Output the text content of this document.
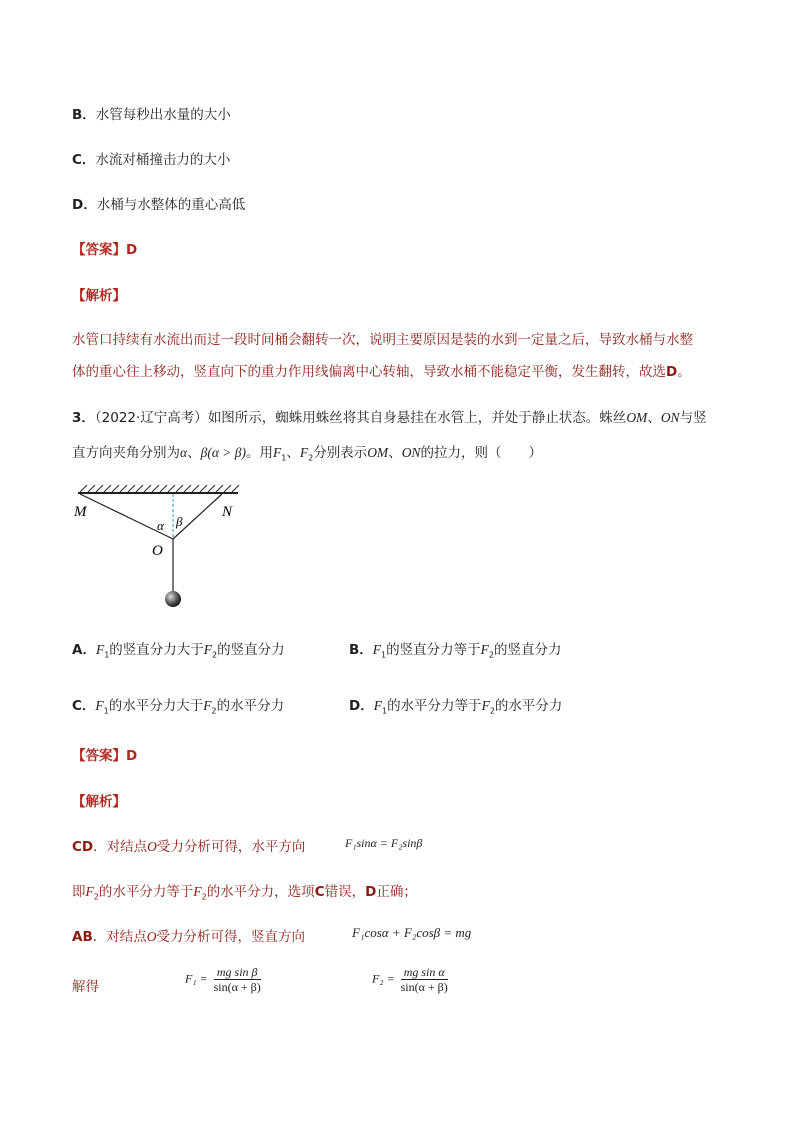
B．水管每秒出水量的大小
C．水流对桶撞击力的大小
D．水桶与水整体的重心高低
【答案】D
【解析】
水管口持续有水流出而过一段时间桶会翻转一次，说明主要原因是装的水到一定量之后，导致水桶与水整
体的重心往上移动，竖直向下的重力作用线偏离中心转轴，导致水桶不能稳定平衡，发生翻转，故选D。
3．（2022·辽宁高考）如图所示，蜘蛛用蛛丝将其自身悬挂在水管上，并处于静止状态。蛛丝OM、ON与竖
直方向夹角分别为α、β(α > β)。用$F_1$、$F_2$分别表示OM、ON的拉力，则（　　）
M	N
O
α β
A．$F_1$的竖直分力大于$F_2$的竖直分力	B．$F_1$的竖直分力等于$F_2$的竖直分力
C．$F_1$的水平分力大于$F_2$的水平分力	D．$F_1$的水平分力等于$F_2$的水平分力
【答案】D
【解析】
CD．对结点O受力分析可得，水平方向	F₁sinα = F₂sinβ
即$F_2$的水平分力等于$F_2$的水平分力，选项C错误，D正确；
AB．对结点O受力分析可得，竖直方向	F₁cosα + F₂cosβ = mg
解得
$F_1 = \frac{\text{mg sin β}}{\sin(\alpha + \beta)}$	$F_2 = \frac{\text{mg sin α}}{\sin(\alpha + \beta)}$
